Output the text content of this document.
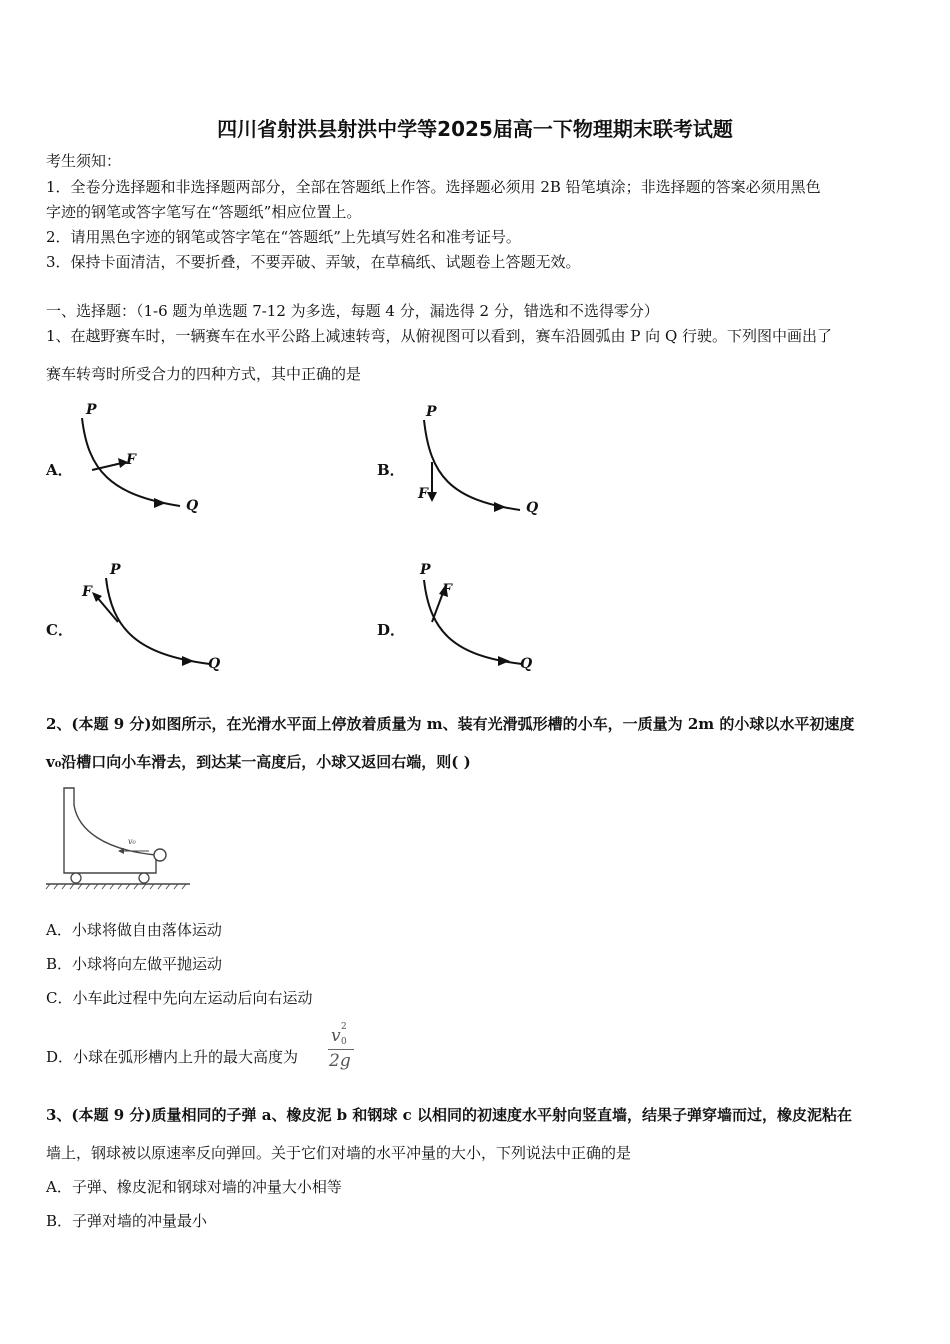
四川省射洪县射洪中学等2025届高一下物理期末联考试题
考生须知：
1．全卷分选择题和非选择题两部分，全部在答题纸上作答。选择题必须用 2B 铅笔填涂；非选择题的答案必须用黑色
字迹的钢笔或答字笔写在“答题纸”相应位置上。
2．请用黑色字迹的钢笔或答字笔在“答题纸”上先填写姓名和准考证号。
3．保持卡面清洁，不要折叠，不要弄破、弄皱，在草稿纸、试题卷上答题无效。
一、选择题：（1-6 题为单选题 7-12 为多选，每题 4 分，漏选得 2 分，错选和不选得零分）
1、在越野赛车时，一辆赛车在水平公路上减速转弯，从俯视图可以看到，赛车沿圆弧由 P 向 Q 行驶。下列图中画出了
赛车转弯时所受合力的四种方式，其中正确的是
A．
P
F
Q
B．
P
F
Q
C．
P
F
Q
D．
P
F
Q
2、(本题 9 分)如图所示，在光滑水平面上停放着质量为 m、装有光滑弧形槽的小车，一质量为 2m 的小球以水平初速度
v₀沿槽口向小车滑去，到达某一高度后，小球又返回右端，则( )
v₀
A．小球将做自由落体运动
B．小球将向左做平抛运动
C．小车此过程中先向左运动后向右运动
D．小球在弧形槽内上升的最大高度为
v 2
0
2g
3、(本题 9 分)质量相同的子弹 a、橡皮泥 b 和钢球 c 以相同的初速度水平射向竖直墙，结果子弹穿墙而过，橡皮泥粘在
墙上，钢球被以原速率反向弹回。关于它们对墙的水平冲量的大小，下列说法中正确的是
A．子弹、橡皮泥和钢球对墙的冲量大小相等
B．子弹对墙的冲量最小
